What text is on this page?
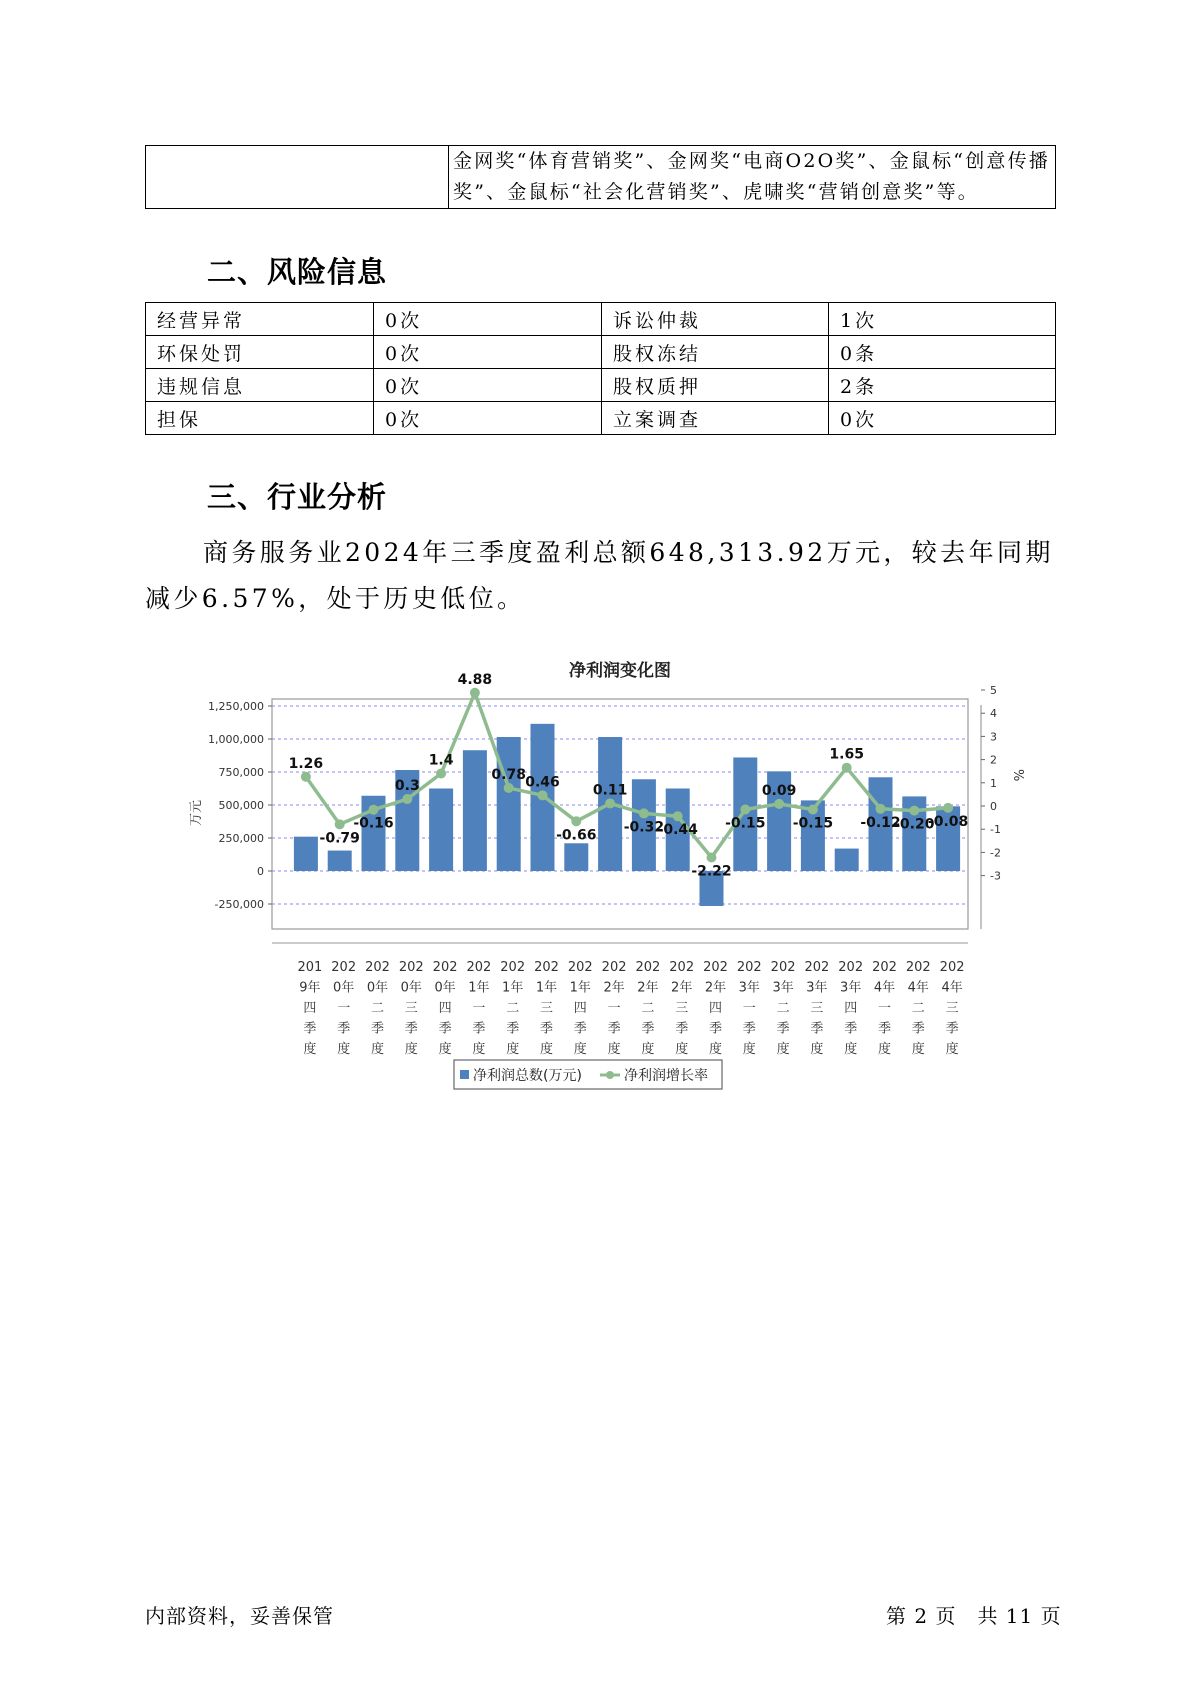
	金网奖“体育营销奖”、金网奖“电商O2O奖”、金鼠标“创意传播奖”、金鼠标“社会化营销奖”、虎啸奖“营销创意奖”等。
二、风险信息
经营异常	0次	诉讼仲裁	1次
环保处罚	0次	股权冻结	0条
违规信息	0次	股权质押	2条
担保	0次	立案调查	0次
三、行业分析
商务服务业2024年三季度盈利总额648,313.92万元，较去年同期减少6.57%，处于历史低位。
净利润变化图
1,250,000
1,000,000
750,000
500,000
250,000
0
-250,000
5
4
3
2
1
0
-1
-2
-3
万元
%
1.26
-0.79
-0.16
0.3
1.4
4.88
0.78 0.46
-0.66
0.11
-0.32
-0.44
-2.22
-0.15
0.09
-0.15
1.65
-0.12
-0.20
-0.08
201
9年
四
季
度
202
0年
一
季
度
202
0年
二
季
度
202
0年
三
季
度
202
0年
四
季
度
202
1年
一
季
度
202
1年
二
季
度
202
1年
三
季
度
202
1年
四
季
度
202
2年
一
季
度
202
2年
二
季
度
202
2年
三
季
度
202
2年
四
季
度
202
3年
一
季
度
202
3年
二
季
度
202
3年
三
季
度
202
3年
四
季
度
202
4年
一
季
度
202
4年
二
季
度
202
4年
三
季
度
净利润总数(万元)	净利润增长率
内部资料，妥善保管	第 2 页　共 11 页
